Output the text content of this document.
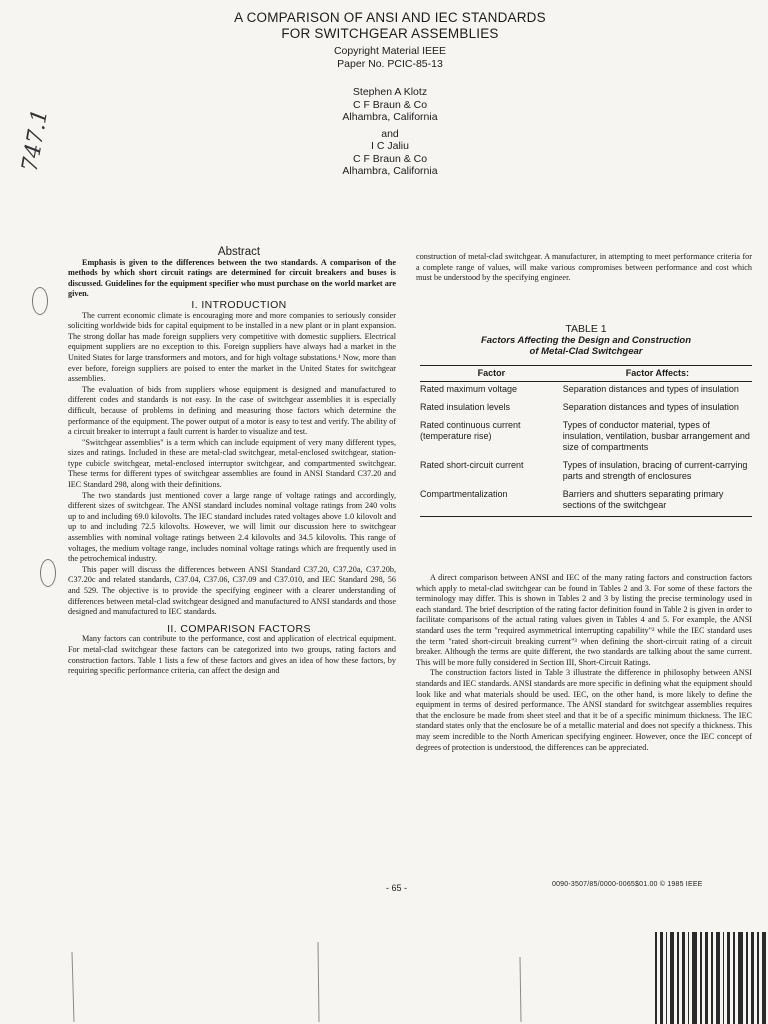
A COMPARISON OF ANSI AND IEC STANDARDS

FOR SWITCHGEAR ASSEMBLIES

Copyright Material IEEE

Paper No. PCIC-85-13

Stephen A Klotz

C F Braun & Co

Alhambra, California

and

I C Jaliu

C F Braun & Co

Alhambra, California

747.1

Abstract

Emphasis is given to the differences between the two standards. A comparison of the methods by which short circuit ratings are determined for circuit breakers and buses is discussed. Guidelines for the equipment specifier who must purchase on the world market are given.

I. INTRODUCTION

The current economic climate is encouraging more and more companies to seriously consider soliciting worldwide bids for capital equipment to be installed in a new plant or in plant expansion. The strong dollar has made foreign suppliers very competitive with domestic suppliers. Electrical equipment suppliers are no exception to this. Foreign suppliers have always had a market in the United States for large transformers and motors, and for high voltage substations.¹ Now, more than ever before, foreign suppliers are poised to enter the market in the United States for switchgear assemblies.

The evaluation of bids from suppliers whose equipment is designed and manufactured to different codes and standards is not easy. In the case of switchgear assemblies it is especially difficult, because of problems in defining and measuring those factors which determine the performance of the equipment. The power output of a motor is easy to test and verify. The ability of a circuit breaker to interrupt a fault current is harder to visualize and test.

"Switchgear assemblies" is a term which can include equipment of very many different types, sizes and ratings. Included in these are metal-clad switchgear, metal-enclosed switchgear, station-type cubicle switchgear, metal-enclosed interruptor switchgear, and compartmented switchgear. These terms for different types of switchgear assemblies are found in ANSI Standard C37.20 and IEC Standard 298, along with their definitions.

The two standards just mentioned cover a large range of voltage ratings and accordingly, different sizes of switchgear. The ANSI standard includes nominal voltage ratings from 240 volts up to and including 69.0 kilovolts. The IEC standard includes rated voltages above 1.0 kilovolt and up to and including 72.5 kilovolts. However, we will limit our discussion here to switchgear assemblies with nominal voltage ratings between 2.4 kilovolts and 34.5 kilovolts. This range of voltages, the medium voltage range, includes nominal voltage ratings which are frequently used in the petrochemical industry.

This paper will discuss the differences between ANSI Standard C37.20, C37.20a, C37.20b, C37.20c and related standards, C37.04, C37.06, C37.09 and C37.010, and IEC Standard 298, 56 and 529. The objective is to provide the specifying engineer with a clearer understanding of differences between metal-clad switchgear designed and manufactured to ANSI standards and those designed and manufactured to IEC standards.

II. COMPARISON FACTORS

Many factors can contribute to the performance, cost and application of electrical equipment. For metal-clad switchgear these factors can be categorized into two groups, rating factors and construction factors. Table 1 lists a few of these factors and gives an idea of how these factors, by requiring specific performance criteria, can affect the design and

construction of metal-clad switchgear. A manufacturer, in attempting to meet performance criteria for a complete range of values, will make various compromises between performance and cost which must be understood by the specifying engineer.

TABLE 1

Factors Affecting the Design and Construction

of Metal-Clad Switchgear

Factor	Factor Affects:
Rated maximum voltage	Separation distances and types of insulation
Rated insulation levels	Separation distances and types of insulation
Rated continuous current (temperature rise)	Types of conductor material, types of insulation, ventilation, busbar arrangement and size of compartments
Rated short-circuit current	Types of insulation, bracing of current-carrying parts and strength of enclosures
Compartmentalization	Barriers and shutters separating primary sections of the switchgear

A direct comparison between ANSI and IEC of the many rating factors and construction factors which apply to metal-clad switchgear can be found in Tables 2 and 3. For some of these factors the terminology may differ. This is shown in Tables 2 and 3 by listing the precise terminology used in each standard. The brief description of the rating factor definition found in Table 2 is given in order to facilitate comparisons of the actual rating values given in Tables 4 and 5. For example, the ANSI standard uses the term "required asymmetrical interrupting capability"² while the IEC standard uses the term "rated short-circuit breaking current"³ when defining the short-circuit rating of a circuit breaker. Although the terms are quite different, the two standards are talking about the same current. This will be more fully considered in Section III, Short-Circuit Ratings.

The construction factors listed in Table 3 illustrate the difference in philosophy between ANSI standards and IEC standards. ANSI standards are more specific in defining what the equipment should look like and what materials should be used. IEC, on the other hand, is more likely to define the equipment in terms of desired performance. The ANSI standard for switchgear assemblies requires that the enclosure be made from sheet steel and that it be of a specific minimum thickness. The IEC standard states only that the enclosure be of a metallic material and does not specify a thickness. This may seem incredible to the North American specifying engineer. However, once the IEC concept of degrees of protection is understood, the differences can be appreciated.

- 65 -	0090-3507/85/0000-0065$01.00 © 1985 IEEE
